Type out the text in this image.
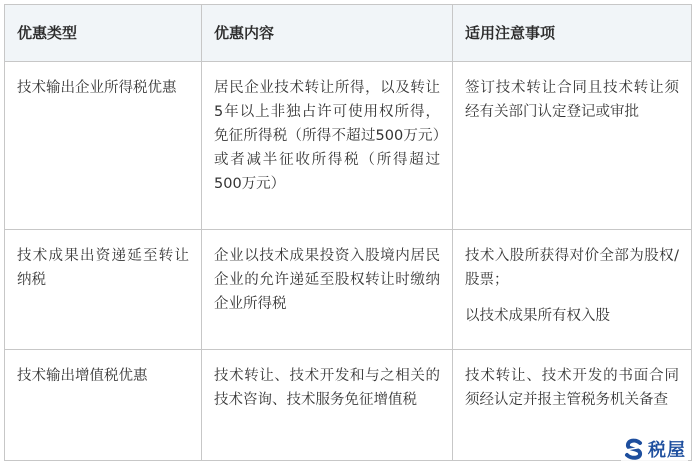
优惠类型	优惠内容	适用注意事项
技术输出企业所得税优惠	居民企业技术转让所得，以及转让5年以上非独占许可使用权所得，免征所得税（所得不超过500万元）或者减半征收所得税（所得超过500万元）	签订技术转让合同且技术转让须经有关部门认定登记或审批

技术成果出资递延至转让纳税	企业以技术成果投资入股境内居民企业的允许递延至股权转让时缴纳企业所得税	技术入股所获得对价全部为股权/股票；
以技术成果所有权入股

技术输出增值税优惠	技术转让、技术开发和与之相关的技术咨询、技术服务免征增值税	技术转让、技术开发的书面合同须经认定并报主管税务机关备查
税屋
